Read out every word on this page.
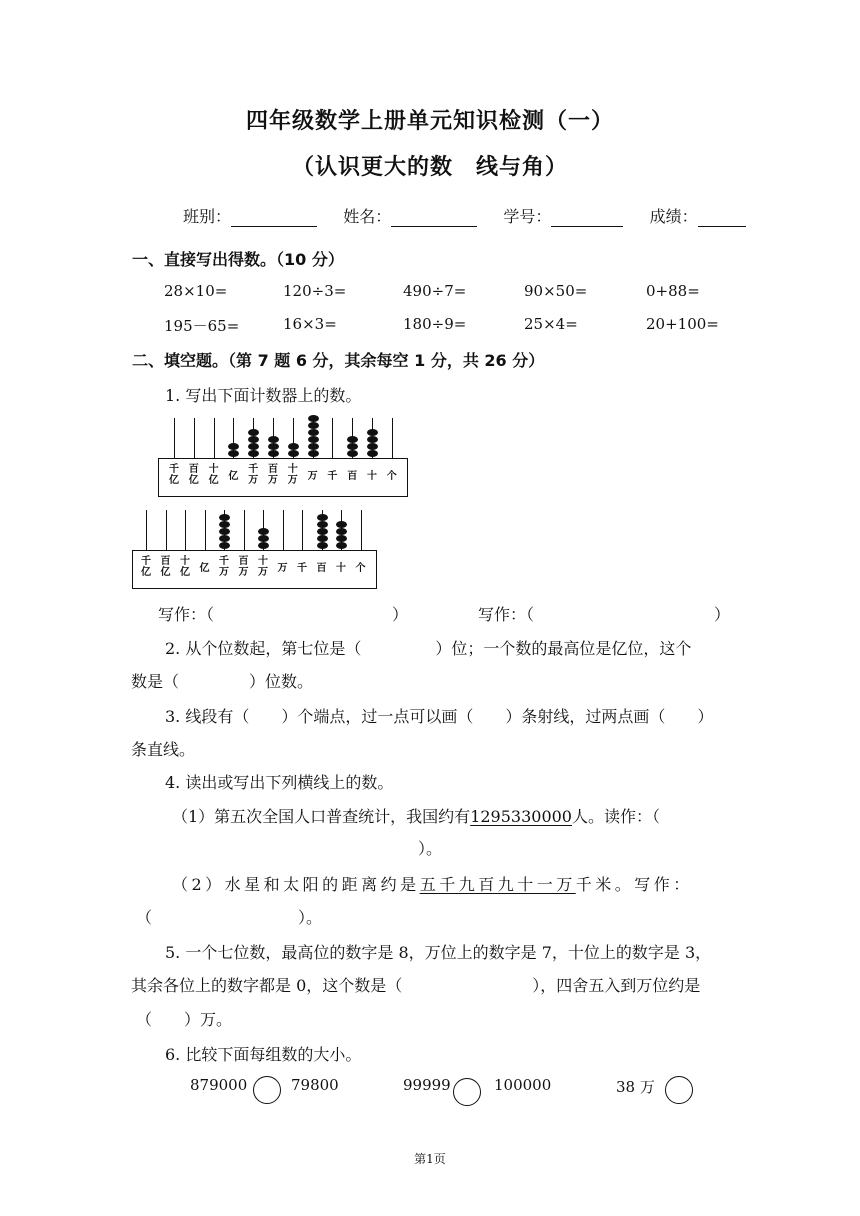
四年级数学上册单元知识检测（一）
（认识更大的数　线与角）
班别：	姓名：	学号：	成绩：
一、直接写出得数。（10 分）
28×10=	120÷3=	490÷7=	90×50=	0+88=
195－65=	16×3=	180÷9=	25×4=	20+100=
二、填空题。（第 7 题 6 分，其余每空 1 分，共 26 分）
1. 写出下面计数器上的数。
千亿
百亿
十亿 亿
千万
百万
十万 万 千 百 十 个
千亿
百亿
十亿 亿
千万
百万
十万 万 千 百 十 个
写作：（	）	写作：（	）
2. 从个位数起，第七位是（	）位；一个数的最高位是亿位，这个
数是（	）位数。
3. 线段有（　　）个端点，过一点可以画（　　）条射线，过两点画（　　）
条直线。
4. 读出或写出下列横线上的数。
（1）第五次全国人口普查统计，我国约有1295330000人。读作：（
）。
（2）水星和太阳的距离约是五千九百九十一万千米。写作：
（	）。
5. 一个七位数，最高位的数字是 8，万位上的数字是 7，十位上的数字是 3，
其余各位上的数字都是 0，这个数是（	），四舍五入到万位约是
（　　）万。
6. 比较下面每组数的大小。
879000	79800	99999	100000	38 万
第1页
